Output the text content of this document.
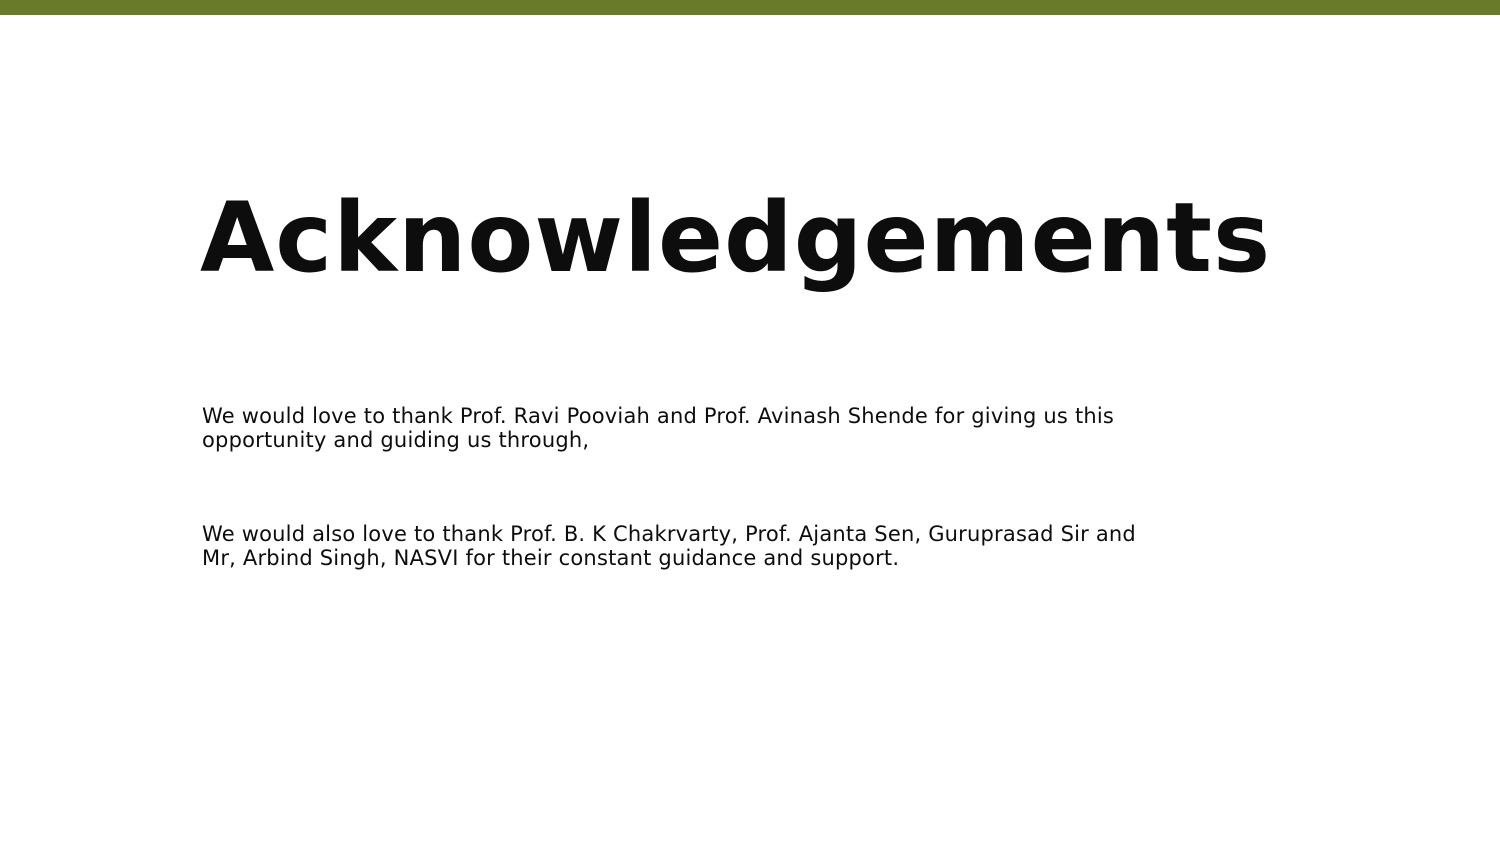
Acknowledgements

We would love to thank Prof. Ravi Pooviah and Prof. Avinash Shende for giving us this opportunity and guiding us through,

We would also love to thank Prof. B. K Chakrvarty, Prof. Ajanta Sen, Guruprasad Sir and Mr, Arbind Singh, NASVI for their constant guidance and support.
